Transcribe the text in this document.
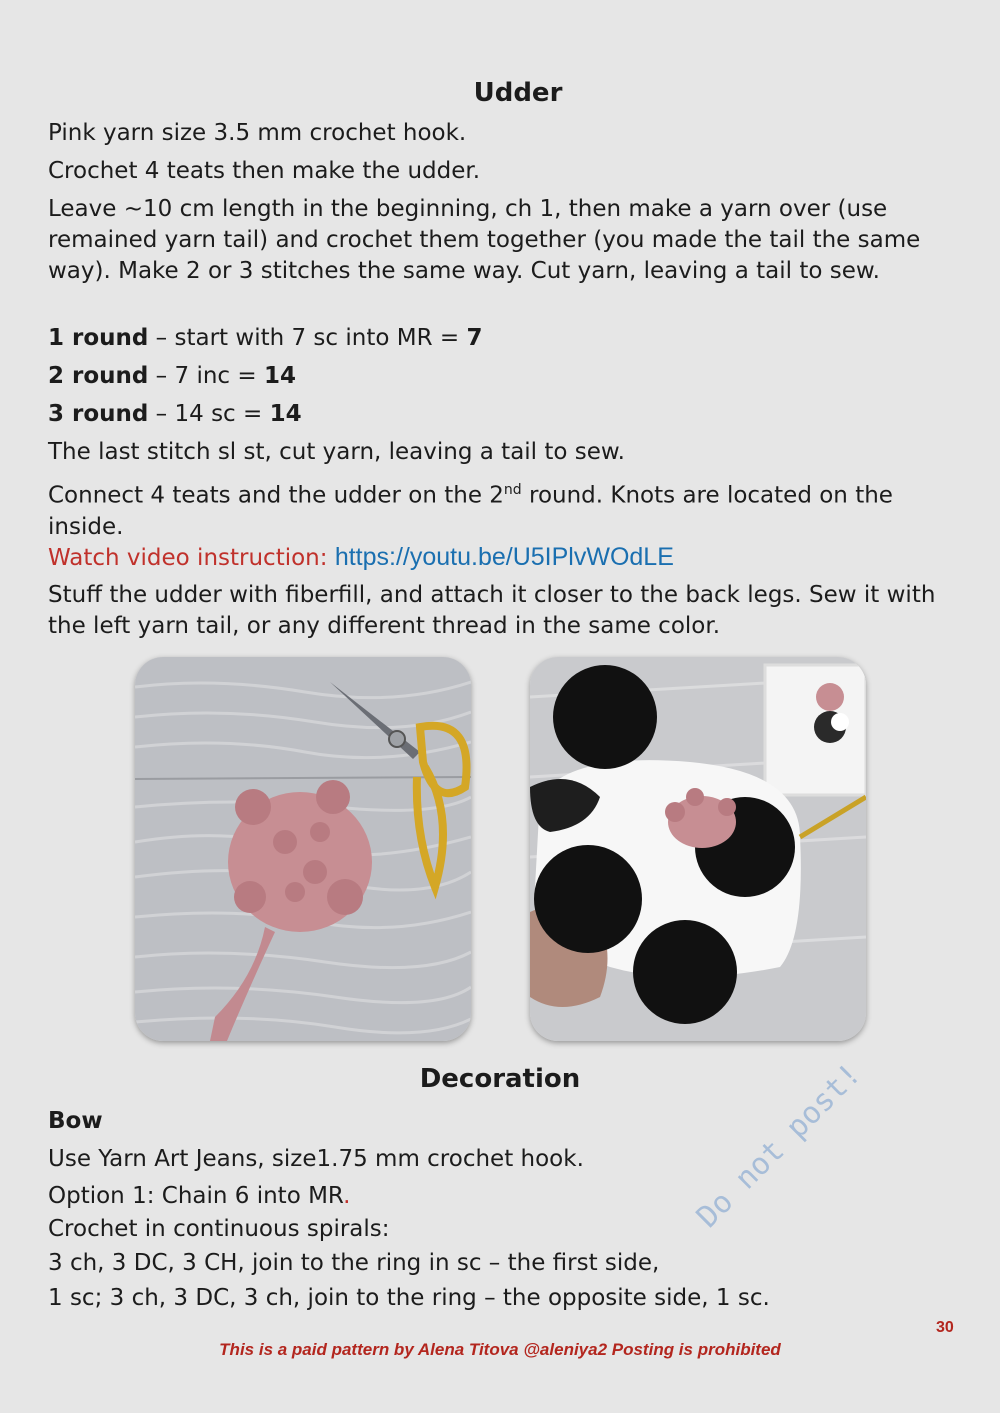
Udder

Pink yarn size 3.5 mm crochet hook.

Crochet 4 teats then make the udder.

Leave ~10 cm length in the beginning, ch 1, then make a yarn over (use remained yarn tail) and crochet them together (you made the tail the same way). Make 2 or 3 stitches the same way. Cut yarn, leaving a tail to sew.

1 round – start with 7 sc into MR = 7

2 round – 7 inc = 14

3 round – 14 sc = 14

The last stitch sl st, cut yarn, leaving a tail to sew.

Connect 4 teats and the udder on the 2nd round. Knots are located on the inside.

Watch video instruction: https://youtu.be/U5IPlvWOdLE

Stuff the udder with fiberfill, and attach it closer to the back legs. Sew it with the left yarn tail, or any different thread in the same color.

Decoration

Bow

Use Yarn Art Jeans, size1.75 mm crochet hook.

Option 1: Chain 6 into MR.

Crochet in continuous spirals:

3 ch, 3 DC, 3 CH, join to the ring in sc – the first side,

1 sc; 3 ch, 3 DC, 3 ch, join to the ring – the opposite side, 1 sc.

Do not post!
30
This is a paid pattern by Alena Titova @aleniya2 Posting is prohibited
